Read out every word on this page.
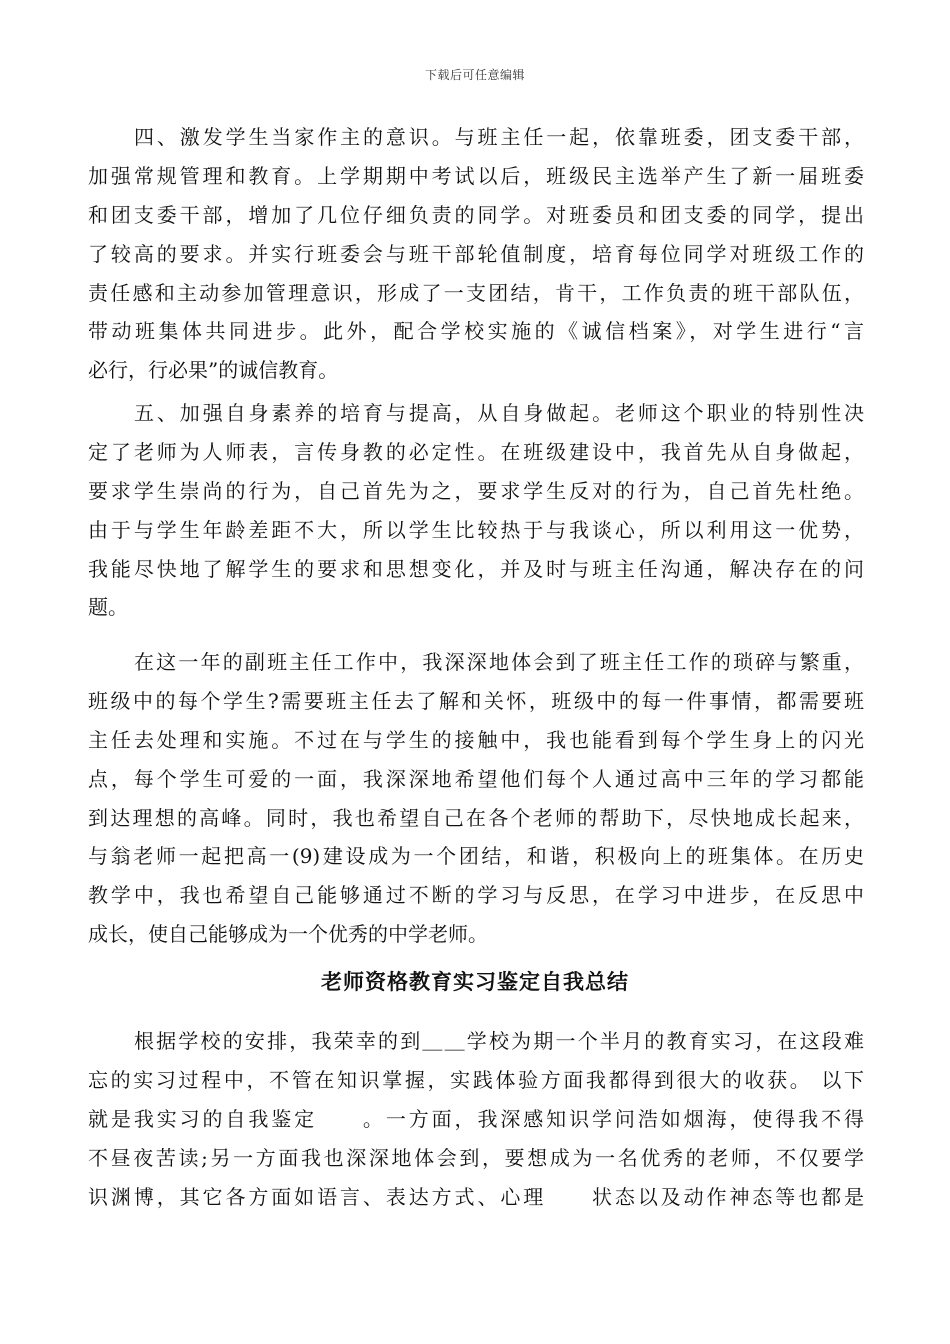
下载后可任意编辑
四、激发学生当家作主的意识。与班主任一起，依靠班委，团支委干部，
加强常规管理和教育。上学期期中考试以后，班级民主选举产生了新一届班委
和团支委干部，增加了几位仔细负责的同学。对班委员和团支委的同学，提出
了较高的要求。并实行班委会与班干部轮值制度，培育每位同学对班级工作的
责任感和主动参加管理意识，形成了一支团结，肯干，工作负责的班干部队伍，
带动班集体共同进步。此外，配合学校实施的《诚信档案》，对学生进行“言
必行，行必果”的诚信教育。
五、加强自身素养的培育与提高，从自身做起。老师这个职业的特别性决
定了老师为人师表，言传身教的必定性。在班级建设中，我首先从自身做起，
要求学生崇尚的行为，自己首先为之，要求学生反对的行为，自己首先杜绝。
由于与学生年龄差距不大，所以学生比较热于与我谈心，所以利用这一优势，
我能尽快地了解学生的要求和思想变化，并及时与班主任沟通，解决存在的问
题。
在这一年的副班主任工作中，我深深地体会到了班主任工作的琐碎与繁重，
班级中的每个学生?需要班主任去了解和关怀，班级中的每一件事情，都需要班
主任去处理和实施。不过在与学生的接触中，我也能看到每个学生身上的闪光
点，每个学生可爱的一面，我深深地希望他们每个人通过高中三年的学习都能
到达理想的高峰。同时，我也希望自己在各个老师的帮助下，尽快地成长起来，
与翁老师一起把高一(9)建设成为一个团结，和谐，积极向上的班集体。在历史
教学中，我也希望自己能够通过不断的学习与反思，在学习中进步，在反思中
成长，使自己能够成为一个优秀的中学老师。
老师资格教育实习鉴定自我总结
根据学校的安排，我荣幸的到＿＿学校为期一个半月的教育实习，在这段难
忘的实习过程中，不管在知识掌握，实践体验方面我都得到很大的收获。 以下
就是我实习的自我鉴定　　。一方面，我深感知识学问浩如烟海，使得我不得
不昼夜苦读;另一方面我也深深地体会到，要想成为一名优秀的老师，不仅要学
识渊博，其它各方面如语言、表达方式、心理　　状态以及动作神态等也都是
